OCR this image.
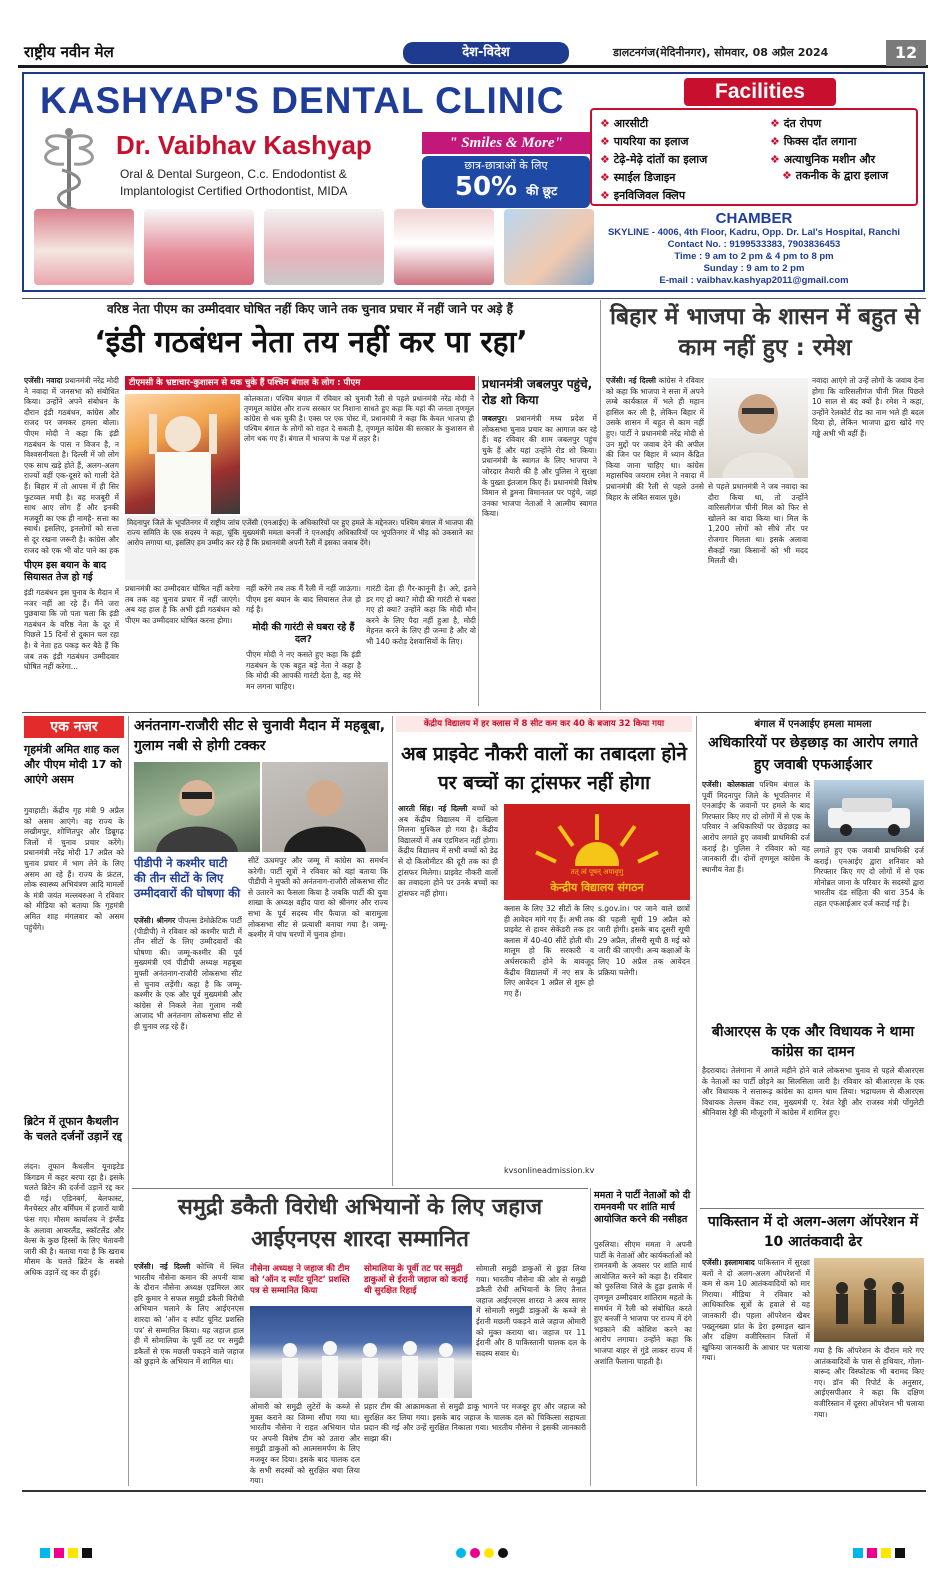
राष्ट्रीय नवीन मेल	देश-विदेश	डालटनगंज(मेदिनीनगर), सोमवार, 08 अप्रैल 2024	12
KASHYAP'S DENTAL CLINIC
Dr. Vaibhav Kashyap
Oral & Dental Surgeon, C.c. Endodontist &
Implantologist Certified Orthodontist, MIDA
" Smiles & More"
छात्र-छात्राओं के लिए
50% की छूट
Facilities
❖ आरसीटी
❖ पायरिया का इलाज
❖ टेढ़े-मेढ़े दांतों का इलाज
❖ स्माईल डिजाइन
❖ इनविजिवल क्लिप
❖ दंत रोपण
❖ फिक्स दाँत लगाना
❖ अत्याधुनिक मशीन और
❖ तकनीक के द्वारा इलाज
CHAMBER
SKYLINE - 4006, 4th Floor, Kadru, Opp. Dr. Lal's Hospital, Ranchi
Contact No. : 9199533383, 7903836453
Time : 9 am to 2 pm & 4 pm to 8 pm
Sunday : 9 am to 2 pm
E-mail : vaibhav.kashyap2011@gmail.com
वरिष्ठ नेता पीएम का उम्मीदवार घोषित नहीं किए जाने तक चुनाव प्रचार में नहीं जाने पर अड़े हैं
‘इंडी गठबंधन नेता तय नहीं कर पा रहा’
एजेंसी। नवादा प्रधानमंत्री नरेंद्र मोदी ने नवादा में जनसभा को संबोधित किया। उन्होंने अपने संबोधन के दौरान इंडी गठबंधन, कांग्रेस और राजद पर जमकर हमला बोला। पीएम मोदी ने कहा कि इंडी गठबंधन के पास न विजन है, न विश्वसनीयता है। दिल्ली में जो लोग एक साथ खड़े होते हैं, अलग-अलग राज्यों वहीं एक-दूसरे को गाली देते हैं। बिहार में तो आपस में ही सिर फुटव्वल मची है। वह मजबूरी में साथ आए लोग हैं और इनकी मजबूरी का एक ही नामहै- सत्ता का स्वार्थ। इसलिए, इनलोगों को सत्ता से दूर रखना जरूरी है। कांग्रेस और राजद को एक भी वोट पाने का हक
पीएम इस बयान के बाद सियासत तेज हो गई
इंडी गठबंधन इस चुनाव के मैदान में नजर नहीं आ रहे हैं। मैंने जरा पुछवाया कि जो पता चला कि इंडी गठबंधन के वरिष्ठ नेता के दूर में पिछले 15 दिनों से दुकान चल रहा है। वे नेता हठ पकड़ कर बैठे हैं कि जब तक इंडी गठबंधन उम्मीदवार घोषित नहीं करेगा...
टीएमसी के भ्रष्टाचार-कुशासन से थक चुके हैं पश्चिम बंगाल के लोग : पीएम
कोलकाता। पश्चिम बंगाल में रविवार को चुनावी रैली से पहले प्रधानमंत्री नरेंद्र मोदी ने तृणमूल कांग्रेस और राज्य सरकार पर निशाना साधते हुए कहा कि यहां की जनता तृणमूल कांग्रेस से थक चुकी है। एक्स पर एक पोस्ट में, प्रधानमंत्री ने कहा कि केवल भाजपा ही पश्चिम बंगाल के लोगों को राहत दे सकती है, तृणमूल कांग्रेस की सरकार के कुशासन से लोग थक गए हैं। बंगाल में भाजपा के पक्ष में लहर है।
मिदनापुर जिले के भूपतिनगर में राष्ट्रीय जांच एजेंसी (एनआईए) के अधिकारियों पर हुए हमले के मद्देनजर। पश्चिम बंगाल में भाजपा की राज्य समिति के एक सदस्य ने कहा, चूंकि मुख्यमंत्री ममता बनर्जी ने एनआईए अधिकारियों पर भूपतिनगर में भीड़ को उकसाने का आरोप लगाया था, इसलिए हम उम्मीद कर रहे हैं कि प्रधानमंत्री अपनी रैली में इसका जवाब देंगे।
प्रधानमंत्री का उम्मीदवार घोषित नहीं करेगा तब तक वह चुनाव प्रचार में नहीं जाएंगे। अब यह हाल है कि अभी इंडी गठबंधन को पीएम का उम्मीदवार घोषित करना होगा।
नहीं करेंगे तब तक मैं रैली में नहीं जाऊंगा। पीएम इस बयान के बाद सियासत तेज हो गई है।
मोदी की गारंटी से घबरा रहे हैं दल?
पीएम मोदी ने नए कसते हुए कहा कि इंडी गठबंधन के एक बहुत बड़े नेता ने कहा है कि मोदी की आपकी गारंटी देता है, वह मेरे मन लगना चाहिए।
गारंटी देता ही गैर-कानूनी है। अरे, इतने डर गए हो क्या? मोदी की गारंटी से घबरा गए हो क्या? उन्होंने कहा कि मोदी मौन करने के लिए पैदा नहीं हुआ है, मोदी मेहनत करने के लिए ही जन्मा है और वो भी 140 करोड़ देशवासियों के लिए।
प्रधानमंत्री जबलपुर पहुंचे, रोड शो किया
जबलपुर। प्रधानमंत्री मध्य प्रदेश में लोकसभा चुनाव प्रचार का आगाज कर रहे हैं। वह रविवार की शाम जबलपुर पहुंच चुके हैं और यहां उन्होंने रोड शो किया। प्रधानमंत्री के स्वागत के लिए भाजपा ने जोरदार तैयारी की है और पुलिस ने सुरक्षा के पुख्ता इंतजाम किए हैं। प्रधानमंत्री विशेष विमान से डुमना विमानतल पर पहुंचे, जहां उनका भाजपा नेताओं ने आत्मीय स्वागत किया।
बिहार में भाजपा के शासन में बहुत से काम नहीं हुए : रमेश
एजेंसी। नई दिल्ली कांग्रेस ने रविवार को कहा कि भाजपा ने सत्ता में अपने लम्बे कार्यकाल में भले ही महान हासिल कर ली है, लेकिन बिहार में उसके शासन में बहुत से काम नहीं हुए। पार्टी ने प्रधानमंत्री नरेंद्र मोदी से उन मुद्दों पर जवाब देने की अपील की जिन पर बिहार में ध्यान केंद्रित किया जाना चाहिए था। कांग्रेस महासचिव जयराम रमेश ने नवादा में प्रधानमंत्री की रैली से पहले उनसे बिहार के लंबित सवाल पूछे।
से पहले प्रधानमंत्री ने जब नवादा का दौरा किया था, तो उन्होंने वारिसलीगंज चीनी मिल को फिर से खोलने का वादा किया था। मिल के 1,200 लोगों को सीधे तौर पर रोजगार मिलता था। इसके अलावा सैकड़ों गन्ना किसानों को भी मदद मिलती थी।
नवादा आएंगे तो उन्हें लोगों के जवाब देना होगा कि वारिसलीगंज चीनी मिल पिछले 10 साल से बंद क्यों है। रमेश ने कहा, उन्होंने रेलकोर्ट रोड का नाम भले ही बदल दिया हो, लेकिन भाजपा द्वारा खोदे गए गड्ढे अभी भी वहीं हैं।
एक नजर
गृहमंत्री अमित शाह कल और पीएम मोदी 17 को आएंगे असम
गुवाहाटी। केंद्रीय गृह मंत्री 9 अप्रैल को असम आएंगे। वह राज्य के लखीमपुर, शोणितपुर और डिब्रूगढ़ जिलों में चुनाव प्रचार करेंगे। प्रधानमंत्री नरेंद्र मोदी 17 अप्रैल को चुनाव प्रचार में भाग लेने के लिए असम आ रहे हैं। राज्य के फ्रंटल, लोक स्वास्थ्य अभियंत्रण आदि मामलों के मंत्री जयंत मल्लबरुआ ने रविवार को मीडिया को बताया कि गृहमंत्री अमित शाह मंगलवार को असम पहुंचेंगे।
ब्रिटेन में तूफान कैथलीन के चलते दर्जनों उड़ानें रद्द
लंदन। तूफान कैथलीन यूनाइटेड किंगडम में कहर बरपा रहा है। इसके चलते ब्रिटेन की दर्जनों उड़ानें रद्द कर दी गई। एडिनबर्ग, बेलफास्ट, मैनचेस्टर और बर्मिंघम में हजारों यात्री फंस गए। मौसम कार्यालय ने इंग्लैंड के अलावा आयरलैंड, स्कॉटलैंड और वेल्स के कुछ हिस्सों के लिए चेतावनी जारी की है। बताया गया है कि खराब मौसम के चलते ब्रिटेन के सबसे अधिक उड़ानें रद्द कर दी हुई।
अनंतनाग-राजौरी सीट से चुनावी मैदान में महबूबा, गुलाम नबी से होगी टक्कर
पीडीपी ने कश्मीर घाटी की तीन सीटों के लिए उम्मीदवारों की घोषणा की
एजेंसी। श्रीनगर पीपल्स डेमोक्रेटिक पार्टी (पीडीपी) ने रविवार को कश्मीर घाटी में तीन सीटों के लिए उम्मीदवारों की घोषणा की। जम्मू-कश्मीर की पूर्व मुख्यमंत्री एवं पीडीपी अध्यक्ष महबूबा मुफ्ती अनंतनाग-राजौरी लोकसभा सीट से चुनाव लड़ेंगी। कहा है कि जम्मू-कश्मीर के एक और पूर्व मुख्यमंत्री और कांग्रेस से निकले नेता गुलाम नबी आजाद भी अनंतनाग लोकसभा सीट से ही चुनाव लड़ रहे हैं।
सीटें ऊधमपुर और जम्मू में कांग्रेस का समर्थन करेगी। पार्टी सूत्रों ने रविवार को यहां बताया कि पीडीपी ने मुफ्ती को अनंतनाग-राजौरी लोकसभा सीट से उतारने का फैसला किया है जबकि पार्टी की युवा शाखा के अध्यक्ष वहीद पारा को श्रीनगर और राज्य सभा के पूर्व सदस्य मीर फैयाज को बारामुला लोकसभा सीट से प्रत्याशी बनाया गया है। जम्मू-कश्मीर में पांच चरणों में चुनाव होगा।
केंद्रीय विद्यालय में हर क्लास में 8 सीट कम कर 40 के बजाय 32 किया गया
अब प्राइवेट नौकरी वालों का तबादला होने पर बच्चों का ट्रांसफर नहीं होगा
आरती सिंह। नई दिल्ली बच्चों को अब केंद्रीय विद्यालय में दाखिला मिलना मुश्किल हो गया है। केंद्रीय विद्यालयों में अब एडमिशन नहीं होगा। केंद्रीय विद्यालय में सभी बच्चों को डेढ़ से दो किलोमीटर की दूरी तक का ही ट्रांसफर मिलेगा। प्राइवेट नौकरी वालों का तबादला होने पर उनके बच्चों का ट्रांसफर नहीं होगा।
तत् त्वं पूषन् अपावृणु
केन्द्रीय विद्यालय संगठन
क्लास के लिए 32 सीटों के लिए ही आवेदन मांगे गए हैं। अभी तक प्राइवेट से हायर सेकेंडरी तक हर क्लास में 40-40 सीटें होती थी। मालूम हो कि सरकारी व अर्धसरकारी होने के बावजूद केंद्रीय विद्यालयों में नए सत्र के लिए आवेदन 1 अप्रैल से शुरू हो गए हैं।
s.gov.in। पर जाने वाले छात्रों की पहली सूची 19 अप्रैल को जारी होगी। इसके बाद दूसरी सूची 29 अप्रैल, तीसरी सूची 8 मई को जारी की जाएगी। अन्य कक्षाओं के लिए 10 अप्रैल तक आवेदन प्रक्रिया चलेगी।
kvsonlineadmission.kv
बंगाल में एनआईए हमला मामला
अधिकारियों पर छेड़छाड़ का आरोप लगाते हुए जवाबी एफआईआर
एजेंसी। कोलकाता पश्चिम बंगाल के पूर्वी मिदनापुर जिले के भूपतिनगर में एनआईए के जवानों पर हमले के बाद गिरफ्तार किए गए दो लोगों में से एक के परिवार ने अधिकारियों पर छेड़छाड़ का आरोप लगाते हुए जवाबी प्राथमिकी दर्ज कराई है। पुलिस ने रविवार को यह जानकारी दी। दोनों तृणमूल कांग्रेस के स्थानीय नेता हैं।
लगाते हुए एक जवाबी प्राथमिकी दर्ज कराई। एनआईए द्वारा शनिवार को गिरफ्तार किए गए दो लोगों में से एक मोनोब्रत जाना के परिवार के सदस्यों द्वारा भारतीय दंड संहिता की धारा 354 के तहत एफआईआर दर्ज कराई गई है।
बीआरएस के एक और विधायक ने थामा कांग्रेस का दामन
हैदराबाद। तेलंगाना में अगले महीने होने वाले लोकसभा चुनाव से पहले बीआरएस के नेताओं का पार्टी छोड़ने का सिलसिला जारी है। रविवार को बीआरएस के एक और विधायक ने सत्तारूढ़ कांग्रेस का दामन थाम लिया। भद्राचलम से बीआरएस विधायक तेल्लम वेंकट राव, मुख्यमंत्री ए. रेवंत रेड्डी और राजस्व मंत्री पोंगुलेटी श्रीनिवास रेड्डी की मौजूदगी में कांग्रेस में शामिल हुए।
पाकिस्तान में दो अलग-अलग ऑपरेशन में 10 आतंकवादी ढेर
एजेंसी। इस्लामाबाद पाकिस्तान में सुरक्षा बलों ने दो अलग-अलग ऑपरेशनों में कम से कम 10 आतंकवादियों को मार गिराया। मीडिया ने रविवार को आधिकारिक सूत्रों के हवाले से यह जानकारी दी। पहला ऑपरेशन खैबर पख्तूनख्वा प्रांत के डेरा इस्माइल खान और दक्षिण वजीरिस्तान जिलों में खुफिया जानकारी के आधार पर चलाया गया।
गया है कि ऑपरेशन के दौरान मारे गए आतंकवादियों के पास से हथियार, गोला-बारूद और विस्फोटक भी बरामद किए गए। डॉन की रिपोर्ट के अनुसार, आईएसपीआर ने कहा कि दक्षिण वजीरिस्तान में दूसरा ऑपरेशन भी चलाया गया।
ममता ने पार्टी नेताओं को दी रामनवमी पर शांति मार्च आयोजित करने की नसीहत
पुरुलिया। सीएम ममता ने अपनी पार्टी के नेताओं और कार्यकर्ताओं को रामनवमी के अवसर पर शांति मार्च आयोजित करने को कहा है। रविवार को पुरुलिया जिले के हुड़ा इलाके में तृणमूल उम्मीदवार शांतिराम महतो के समर्थन में रैली को संबोधित करते हुए बनर्जी ने भाजपा पर राज्य में दंगे भड़काने की कोशिश करने का आरोप लगाया। उन्होंने कहा कि भाजपा बाहर से गुंडे लाकर राज्य में अशांति फैलाना चाहती है।
समुद्री डकैती विरोधी अभियानों के लिए जहाज आईएनएस शारदा सम्मानित
एजेंसी। नई दिल्ली कोच्चि में स्थित भारतीय नौसेना कमान की अपनी यात्रा के दौरान नौसेना अध्यक्ष एडमिरल आर हरि कुमार ने सफल समुद्री डकैती विरोधी अभियान चलाने के लिए आईएनएस शारदा को ‘ऑन द स्पॉट यूनिट प्रशस्ति पत्र’ से सम्मानित किया। यह जहाज हाल ही में सोमालिया के पूर्वी तट पर समुद्री डकैतों से एक मछली पकड़ने वाले जहाज को छुड़ाने के अभियान में शामिल था।
नौसेना अध्यक्ष ने जहाज की टीम को ‘ऑन द स्पॉट यूनिट’ प्रशस्ति पत्र से सम्मानित किया
सोमालिया के पूर्वी तट पर समुद्री डाकुओं से ईरानी जहाज को कराई थी सुरक्षित रिहाई
सोमाली समुद्री डाकुओं से छुड़ा लिया गया। भारतीय नौसेना की ओर से समुद्री डकैती रोधी अभियानों के लिए तैनात जहाज आईएनएस शारदा ने अरब सागर में सोमाली समुद्री डाकुओं के कब्जे से ईरानी मछली पकड़ने वाले जहाज ओमारी को मुक्त कराया था। जहाज पर 11 ईरानी और 8 पाकिस्तानी चालक दल के सदस्य सवार थे।
ओमारी को समुद्री लुटेरों के कब्जे से मुक्त कराने का जिम्मा सौंपा गया था। भारतीय नौसेना ने राहत अभियान पोत पर अपनी विशेष टीम को उतारा और समुद्री डाकुओं को आत्मसमर्पण के लिए मजबूर कर दिया। इसके बाद चालक दल के सभी सदस्यों को सुरक्षित बचा लिया गया।
प्रहार टीम की आक्रामकता से समुद्री डाकू भागने पर मजबूर हुए और जहाज को सुरक्षित कर लिया गया। इसके बाद जहाज के चालक दल को चिकित्सा सहायता प्रदान की गई और उन्हें सुरक्षित निकाला गया। भारतीय नौसेना ने इसकी जानकारी साझा की।
